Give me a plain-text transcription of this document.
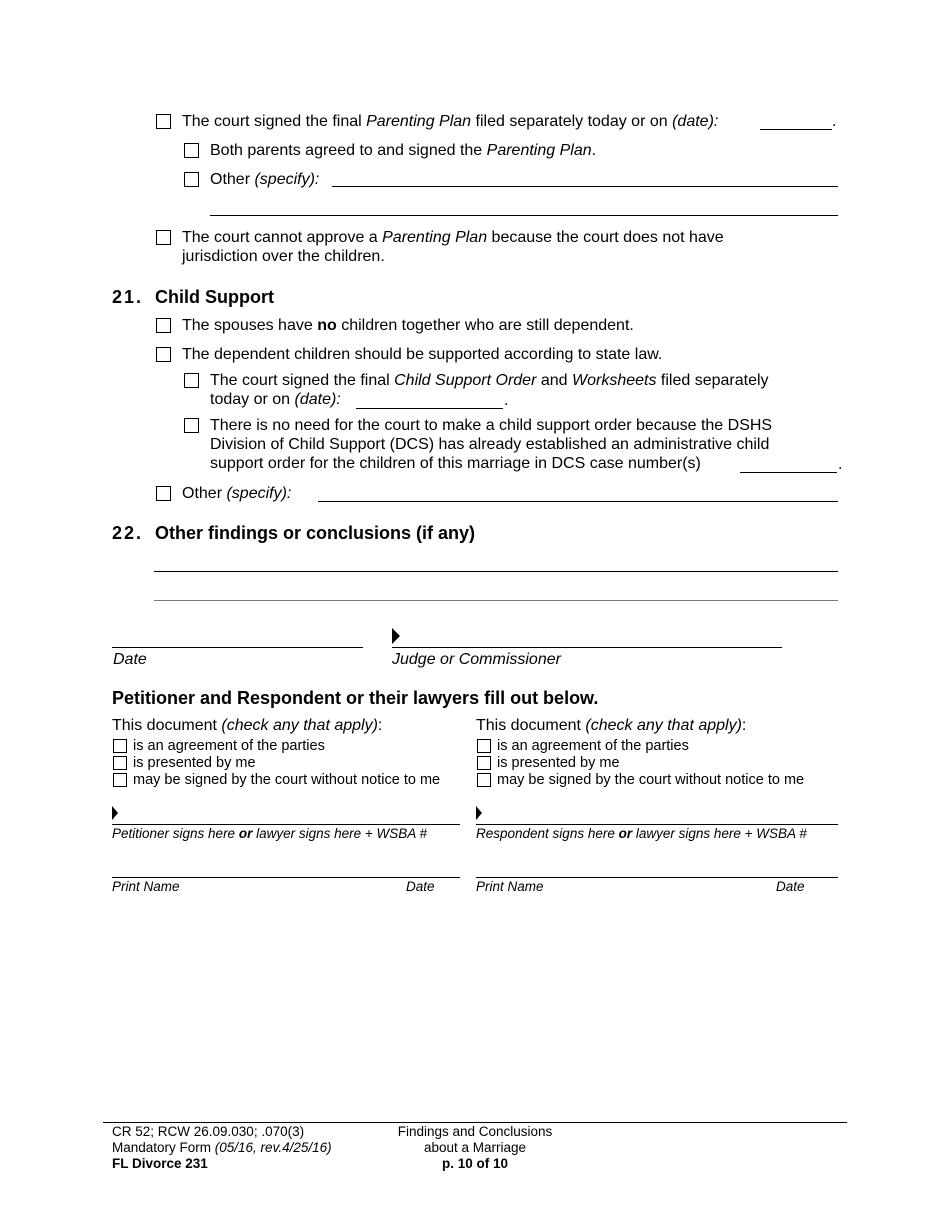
The court signed the final Parenting Plan filed separately today or on (date):	.
Both parents agreed to and signed the Parenting Plan.
Other (specify):
The court cannot approve a Parenting Plan because the court does not have
jurisdiction over the children.
21. Child Support
The spouses have no children together who are still dependent.
The dependent children should be supported according to state law.
The court signed the final Child Support Order and Worksheets filed separately
today or on (date):	.
There is no need for the court to make a child support order because the DSHS
Division of Child Support (DCS) has already established an administrative child
support order for the children of this marriage in DCS case number(s)	.
Other (specify):
22. Other findings or conclusions (if any)
Date	Judge or Commissioner
Petitioner and Respondent or their lawyers fill out below.
This document (check any that apply):
is an agreement of the parties
is presented by me
may be signed by the court without notice to me
Petitioner signs here or lawyer signs here + WSBA #
Print Name	Date
This document (check any that apply):
is an agreement of the parties
is presented by me
may be signed by the court without notice to me
Respondent signs here or lawyer signs here + WSBA #
Print Name	Date
CR 52; RCW 26.09.030; .070(3)
Mandatory Form (05/16, rev.4/25/16)
FL Divorce 231
Findings and Conclusions
about a Marriage
p. 10 of 10
